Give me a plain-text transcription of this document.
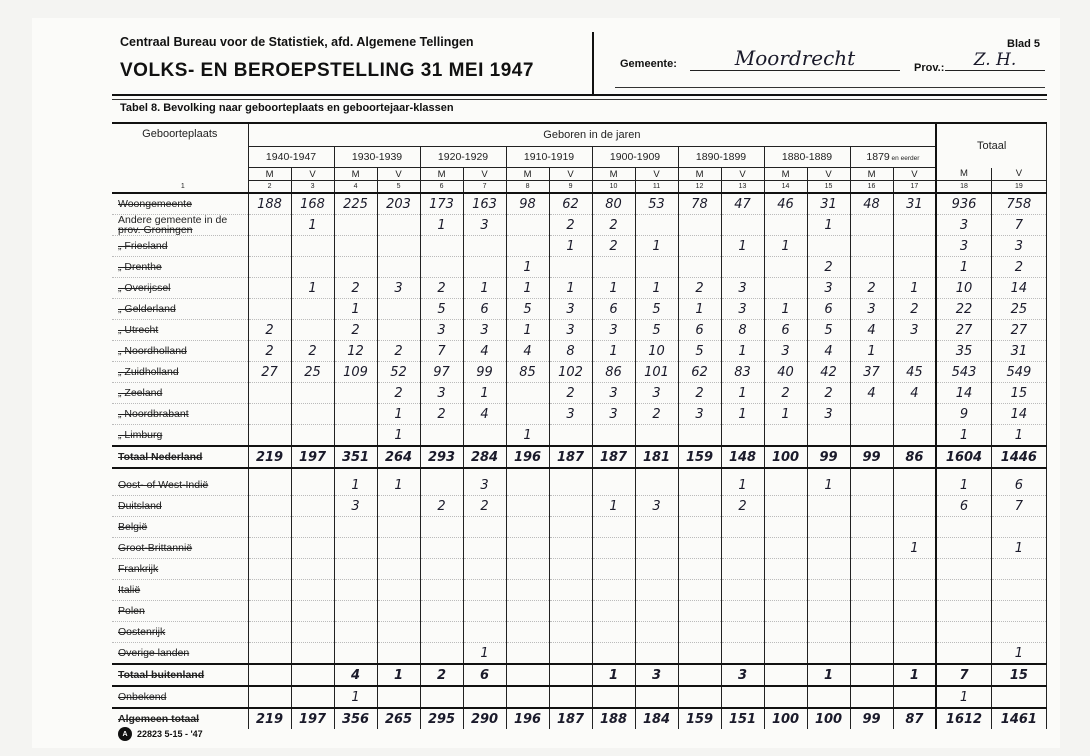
Centraal Bureau voor de Statistiek, afd. Algemene Tellingen
VOLKS- EN BEROEPSTELLING 31 MEI 1947
Blad 5
Gemeente:	Moordrecht	Prov.:	Z. H.
Tabel 8. Bevolking naar geboorteplaats en geboortejaar-klassen
Geboorteplaats	Geboren in de jaren																Totaal	
	1940-1947		1930-1939		1920-1929		1910-1919		1900-1909		1890-1899		1880-1889		1879 en eerder			
	M	V	M	V	M	V	M	V	M	V	M	V	M	V	M	V	M	V
1	2	3	4	5	6	7	8	9	10	11	12	13	14	15	16	17	18	19
Woongemeente	188	168	225	203	173	163	98	62	80	53	78	47	46	31	48	31	936	758

Andere gemeente in de
prov. Groningen		1			1	3		2	2					1			3	7
„ Friesland								1	2	1		1	1				3	3
„ Drenthe							1							2			1	2
„ Overijssel		1	2	3	2	1	1	1	1	1	2	3		3	2	1	10	14
„ Gelderland			1		5	6	5	3	6	5	1	3	1	6	3	2	22	25
„ Utrecht	2		2		3	3	1	3	3	5	6	8	6	5	4	3	27	27
„ Noordholland	2	2	12	2	7	4	4	8	1	10	5	1	3	4	1		35	31
„ Zuidholland	27	25	109	52	97	99	85	102	86	101	62	83	40	42	37	45	543	549
„ Zeeland				2	3	1		2	3	3	2	1	2	2	4	4	14	15
„ Noordbrabant				1	2	4		3	3	2	3	1	1	3			9	14
„ Limburg				1			1										1	1
Totaal Nederland	219	197	351	264	293	284	196	187	187	181	159	148	100	99	99	86	1604	1446

Oost- of West-Indië			1	1		3						1		1			1	6
Duitsland			3		2	2			1	3		2					6	7
België																		
Groot-Brittannië																1		1
Frankrijk																		
Italië																		
Polen																		
Oostenrijk																		
Overige landen						1												1
Totaal buitenland			4	1	2	6			1	3		3		1		1	7	15
Onbekend			1														1	
Algemeen totaal	219	197	356	265	295	290	196	187	188	184	159	151	100	100	99	87	1612	1461
A	22823 5-15 - '47
